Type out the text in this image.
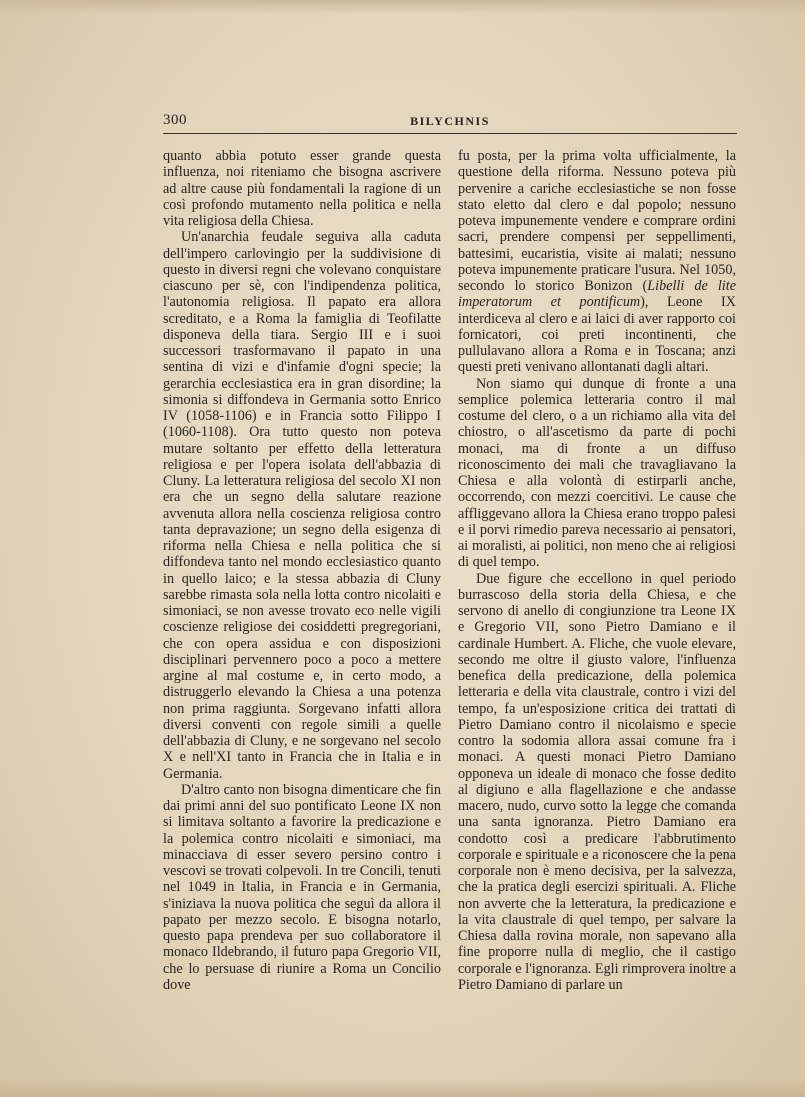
300	BILYCHNIS

quanto abbia potuto esser grande questa influenza, noi riteniamo che bisogna ascrivere ad altre cause più fondamentali la ragione di un così profondo mutamento nella politica e nella vita religiosa della Chiesa.

Un'anarchia feudale seguiva alla caduta dell'impero carlovingio per la suddivisione di questo in diversi regni che volevano conquistare ciascuno per sè, con l'indipendenza politica, l'autonomia religiosa. Il papato era allora screditato, e a Roma la famiglia di Teofilatte disponeva della tiara. Sergio III e i suoi successori trasformavano il papato in una sentina di vizi e d'infamie d'ogni specie; la gerarchia ecclesiastica era in gran disordine; la simonia si diffondeva in Germania sotto Enrico IV (1058-1106) e in Francia sotto Filippo I (1060-1108). Ora tutto questo non poteva mutare soltanto per effetto della letteratura religiosa e per l'opera isolata dell'abbazia di Cluny. La letteratura religiosa del secolo XI non era che un segno della salutare reazione avvenuta allora nella coscienza religiosa contro tanta depravazione; un segno della esigenza di riforma nella Chiesa e nella politica che si diffondeva tanto nel mondo ecclesiastico quanto in quello laico; e la stessa abbazia di Cluny sarebbe rimasta sola nella lotta contro nicolaiti e simoniaci, se non avesse trovato eco nelle vigili coscienze religiose dei cosiddetti pregregoriani, che con opera assidua e con disposizioni disciplinari pervennero poco a poco a mettere argine al mal costume e, in certo modo, a distruggerlo elevando la Chiesa a una potenza non prima raggiunta. Sorgevano infatti allora diversi conventi con regole simili a quelle dell'abbazia di Cluny, e ne sorgevano nel secolo X e nell'XI tanto in Francia che in Italia e in Germania.

D'altro canto non bisogna dimenticare che fin dai primi anni del suo pontificato Leone IX non si limitava soltanto a favorire la predicazione e la polemica contro nicolaiti e simoniaci, ma minacciava di esser severo persino contro i vescovi se trovati colpevoli. In tre Concili, tenuti nel 1049 in Italia, in Francia e in Germania, s'iniziava la nuova politica che seguì da allora il papato per mezzo secolo. E bisogna notarlo, questo papa prendeva per suo collaboratore il monaco Ildebrando, il futuro papa Gregorio VII, che lo persuase di riunire a Roma un Concilio dove

fu posta, per la prima volta ufficialmente, la questione della riforma. Nessuno poteva più pervenire a cariche ecclesiastiche se non fosse stato eletto dal clero e dal popolo; nessuno poteva impunemente vendere e comprare ordini sacri, prendere compensi per seppellimenti, battesimi, eucaristia, visite ai malati; nessuno poteva impunemente praticare l'usura. Nel 1050, secondo lo storico Bonizon (Libelli de lite imperatorum et pontificum), Leone IX interdiceva al clero e ai laici di aver rapporto coi fornicatori, coi preti incontinenti, che pullulavano allora a Roma e in Toscana; anzi questi preti venivano allontanati dagli altari.

Non siamo qui dunque di fronte a una semplice polemica letteraria contro il mal costume del clero, o a un richiamo alla vita del chiostro, o all'ascetismo da parte di pochi monaci, ma di fronte a un diffuso riconoscimento dei mali che travagliavano la Chiesa e alla volontà di estirparli anche, occorrendo, con mezzi coercitivi. Le cause che affliggevano allora la Chiesa erano troppo palesi e il porvi rimedio pareva necessario ai pensatori, ai moralisti, ai politici, non meno che ai religiosi di quel tempo.

Due figure che eccellono in quel periodo burrascoso della storia della Chiesa, e che servono di anello di congiunzione tra Leone IX e Gregorio VII, sono Pietro Damiano e il cardinale Humbert. A. Fliche, che vuole elevare, secondo me oltre il giusto valore, l'influenza benefica della predicazione, della polemica letteraria e della vita claustrale, contro i vizi del tempo, fa un'esposizione critica dei trattati di Pietro Damiano contro il nicolaismo e specie contro la sodomia allora assai comune fra i monaci. A questi monaci Pietro Damiano opponeva un ideale di monaco che fosse dedito al digiuno e alla flagellazione e che andasse macero, nudo, curvo sotto la legge che comanda una santa ignoranza. Pietro Damiano era condotto così a predicare l'abbrutimento corporale e spirituale e a riconoscere che la pena corporale non è meno decisiva, per la salvezza, che la pratica degli esercizi spirituali. A. Fliche non avverte che la letteratura, la predicazione e la vita claustrale di quel tempo, per salvare la Chiesa dalla rovina morale, non sapevano alla fine proporre nulla di meglio, che il castigo corporale e l'ignoranza. Egli rimprovera inoltre a Pietro Damiano di parlare un
